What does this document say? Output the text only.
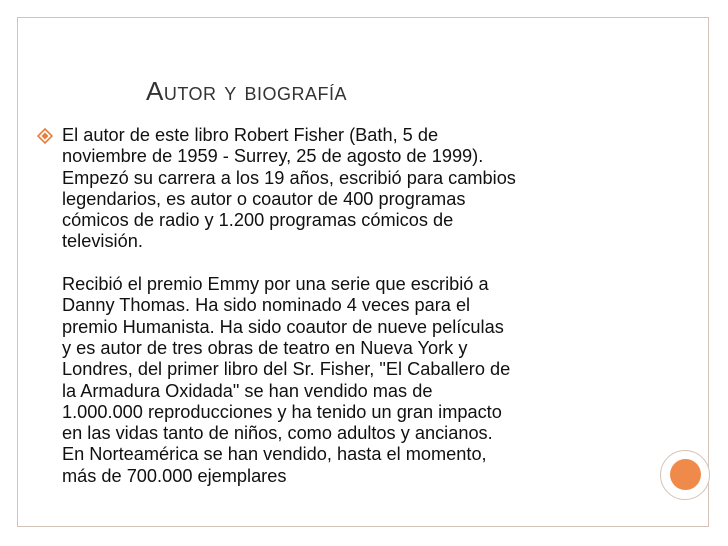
Autor y biografía

El autor de este libro Robert Fisher (Bath, 5 de
noviembre de 1959 - Surrey, 25 de agosto de 1999).
Empezó su carrera a los 19 años, escribió para cambios
legendarios, es autor o coautor de 400 programas
cómicos de radio y 1.200 programas cómicos de
televisión.

Recibió el premio Emmy por una serie que escribió a
Danny Thomas. Ha sido nominado 4 veces para el
premio Humanista. Ha sido coautor de nueve películas
y es autor de tres obras de teatro en Nueva York y
Londres, del primer libro del Sr. Fisher, "El Caballero de
la Armadura Oxidada" se han vendido mas de
1.000.000 reproducciones y ha tenido un gran impacto
en las vidas tanto de niños, como adultos y ancianos.
En Norteamérica se han vendido, hasta el momento,
más de 700.000 ejemplares
